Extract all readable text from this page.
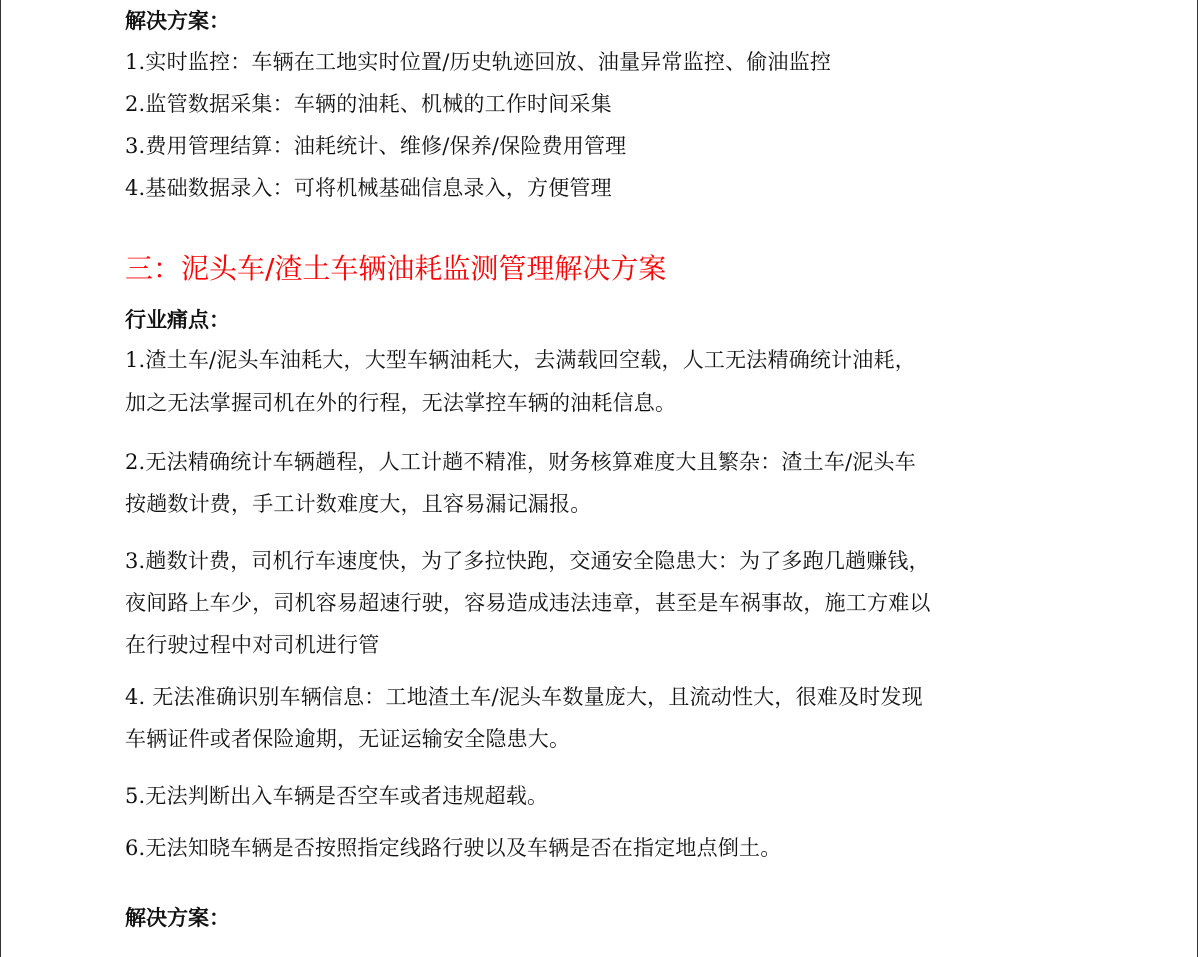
解决方案：
1.实时监控：车辆在工地实时位置/历史轨迹回放、油量异常监控、偷油监控
2.监管数据采集：车辆的油耗、机械的工作时间采集
3.费用管理结算：油耗统计、维修/保养/保险费用管理
4.基础数据录入：可将机械基础信息录入，方便管理
三：泥头车/渣土车辆油耗监测管理解决方案
行业痛点：
1.渣土车/泥头车油耗大，大型车辆油耗大，去满载回空载，人工无法精确统计油耗，
加之无法掌握司机在外的行程，无法掌控车辆的油耗信息。
2.无法精确统计车辆趟程，人工计趟不精准，财务核算难度大且繁杂：渣土车/泥头车
按趟数计费，手工计数难度大，且容易漏记漏报。
3.趟数计费，司机行车速度快，为了多拉快跑，交通安全隐患大：为了多跑几趟赚钱，
夜间路上车少，司机容易超速行驶，容易造成违法违章，甚至是车祸事故，施工方难以
在行驶过程中对司机进行管
4. 无法准确识别车辆信息：工地渣土车/泥头车数量庞大，且流动性大，很难及时发现
车辆证件或者保险逾期，无证运输安全隐患大。
5.无法判断出入车辆是否空车或者违规超载。
6.无法知晓车辆是否按照指定线路行驶以及车辆是否在指定地点倒土。
解决方案：
